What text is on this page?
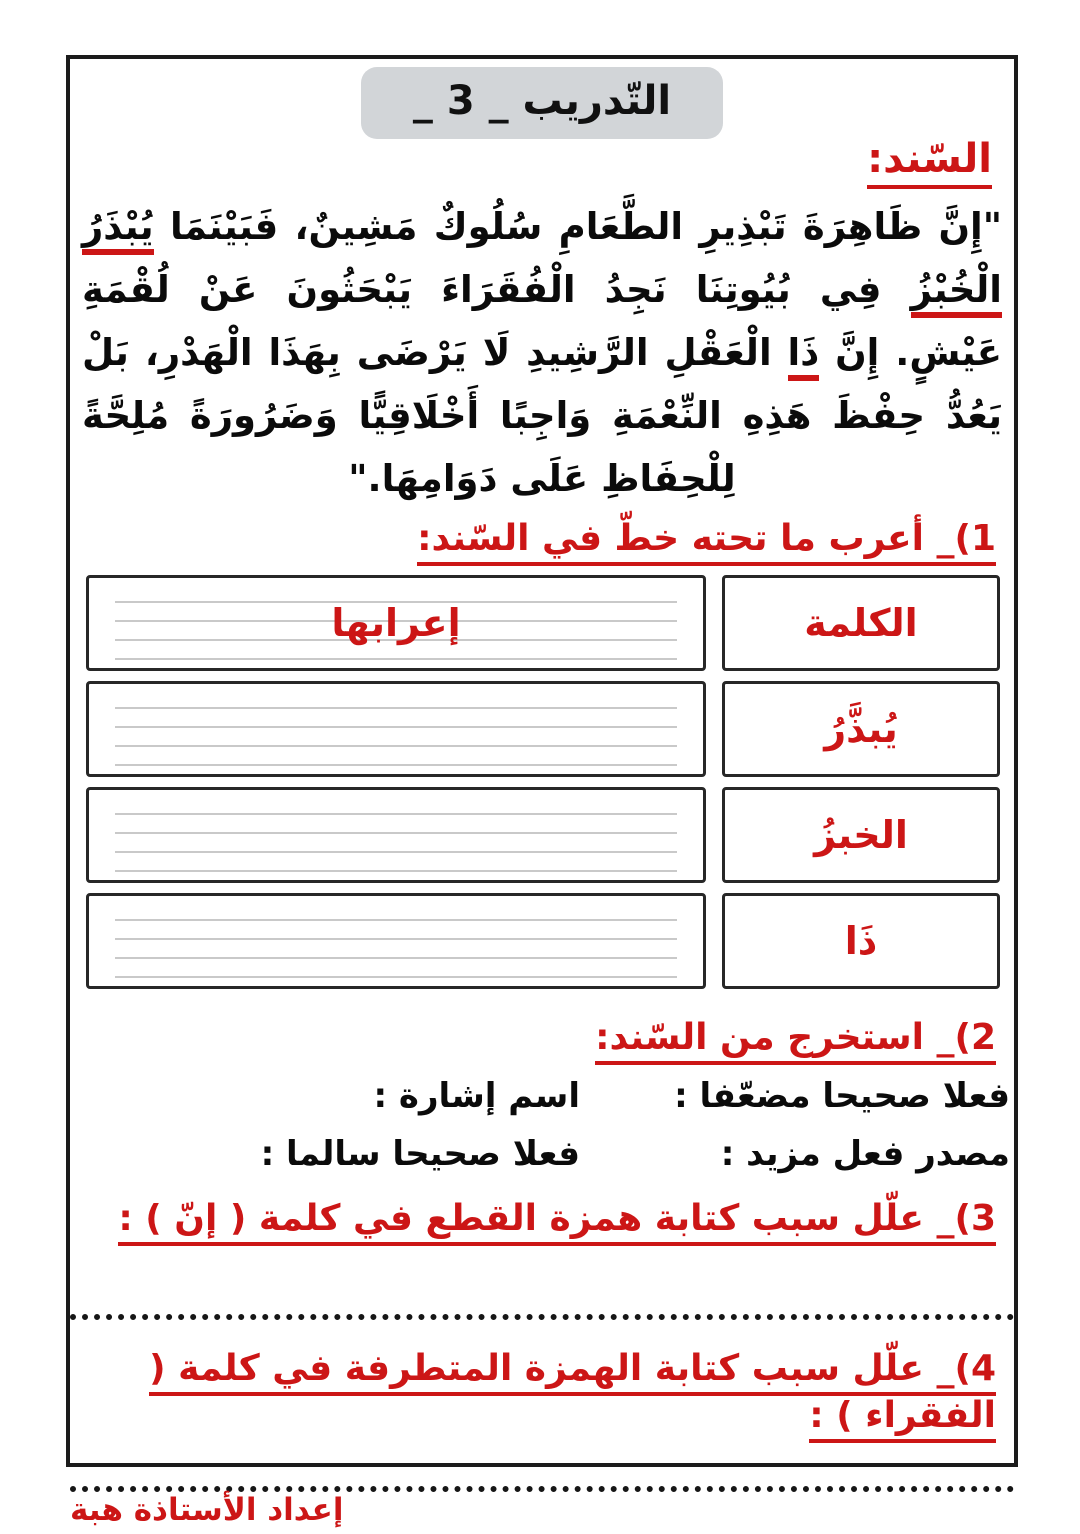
التّدريب _ 3 _
السّند:

"إِنَّ ظَاهِرَةَ تَبْذِيرِ الطَّعَامِ سُلُوكٌ مَشِينٌ، فَبَيْنَمَا يُبْذَرُ الْخُبْزُ فِي بُيُوتِنَا نَجِدُ الْفُقَرَاءَ يَبْحَثُونَ عَنْ لُقْمَةِ عَيْشٍ. إِنَّ ذَا الْعَقْلِ الرَّشِيدِ لَا يَرْضَى بِهَذَا الْهَدْرِ، بَلْ يَعُدُّ حِفْظَ هَذِهِ النِّعْمَةِ وَاجِبًا أَخْلَاقِيًّا وَضَرُورَةً مُلِحَّةً لِلْحِفَاظِ عَلَى دَوَامِهَا."

1)_ أعرب ما تحته خطّ في السّند:
الكلمة
إعرابها
يُبذَّرُ
الخبزُ
ذَا
2)_ استخرج من السّند:
فعلا صحيحا مضعّفا :
اسم إشارة :
مصدر فعل مزيد :
فعلا صحيحا سالما :
3)_ علّل سبب كتابة همزة القطع في كلمة ( إنّ ) :
4)_ علّل سبب كتابة الهمزة المتطرفة في كلمة ( الفقراء ) :
إعداد الأستاذة هبة
